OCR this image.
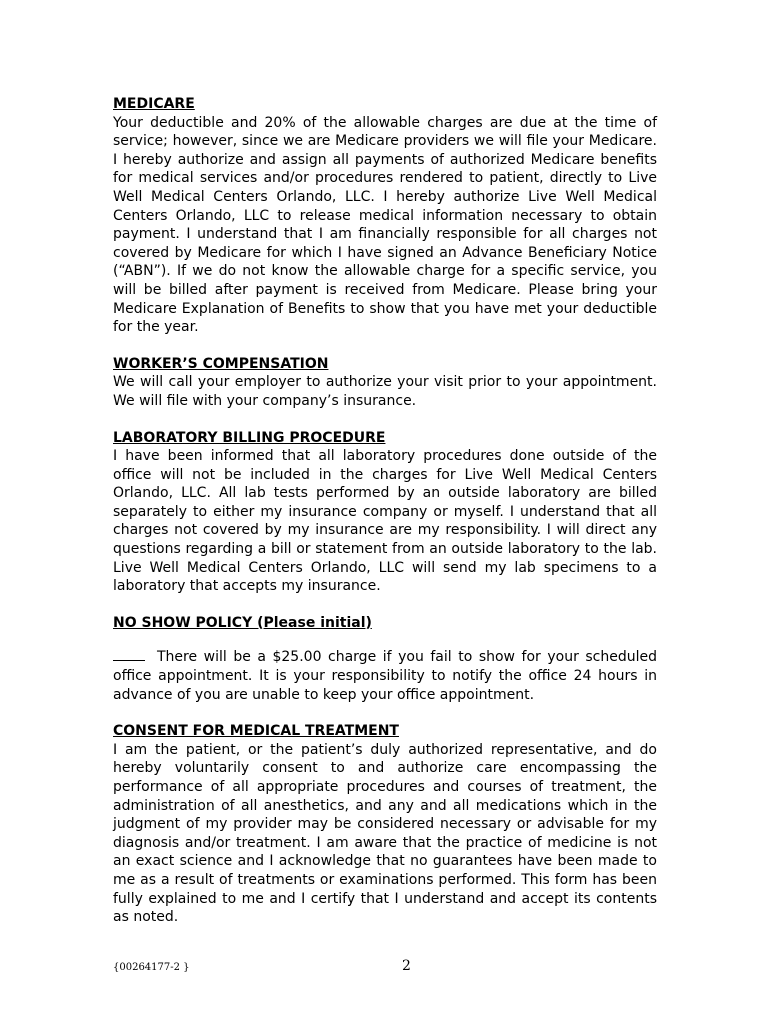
MEDICARE

Your deductible and 20% of the allowable charges are due at the time of service; however, since we are Medicare providers we will file your Medicare. I hereby authorize and assign all payments of authorized Medicare benefits for medical services and/or procedures rendered to patient, directly to Live Well Medical Centers Orlando, LLC. I hereby authorize Live Well Medical Centers Orlando, LLC to release medical information necessary to obtain payment. I understand that I am financially responsible for all charges not covered by Medicare for which I have signed an Advance Beneficiary Notice (“ABN”). If we do not know the allowable charge for a specific service, you will be billed after payment is received from Medicare. Please bring your Medicare Explanation of Benefits to show that you have met your deductible for the year.

WORKER’S COMPENSATION

We will call your employer to authorize your visit prior to your appointment. We will file with your company’s insurance.

LABORATORY BILLING PROCEDURE

I have been informed that all laboratory procedures done outside of the office will not be included in the charges for Live Well Medical Centers Orlando, LLC. All lab tests performed by an outside laboratory are billed separately to either my insurance company or myself. I understand that all charges not covered by my insurance are my responsibility. I will direct any questions regarding a bill or statement from an outside laboratory to the lab. Live Well Medical Centers Orlando, LLC will send my lab specimens to a laboratory that accepts my insurance.

NO SHOW POLICY (Please initial)

There will be a $25.00 charge if you fail to show for your scheduled office appointment. It is your responsibility to notify the office 24 hours in advance of you are unable to keep your office appointment.

CONSENT FOR MEDICAL TREATMENT

I am the patient, or the patient’s duly authorized representative, and do hereby voluntarily consent to and authorize care encompassing the performance of all appropriate procedures and courses of treatment, the administration of all anesthetics, and any and all medications which in the judgment of my provider may be considered necessary or advisable for my diagnosis and/or treatment. I am aware that the practice of medicine is not an exact science and I acknowledge that no guarantees have been made to me as a result of treatments or examinations performed. This form has been fully explained to me and I certify that I understand and accept its contents as noted.

{00264177-2 }	2
